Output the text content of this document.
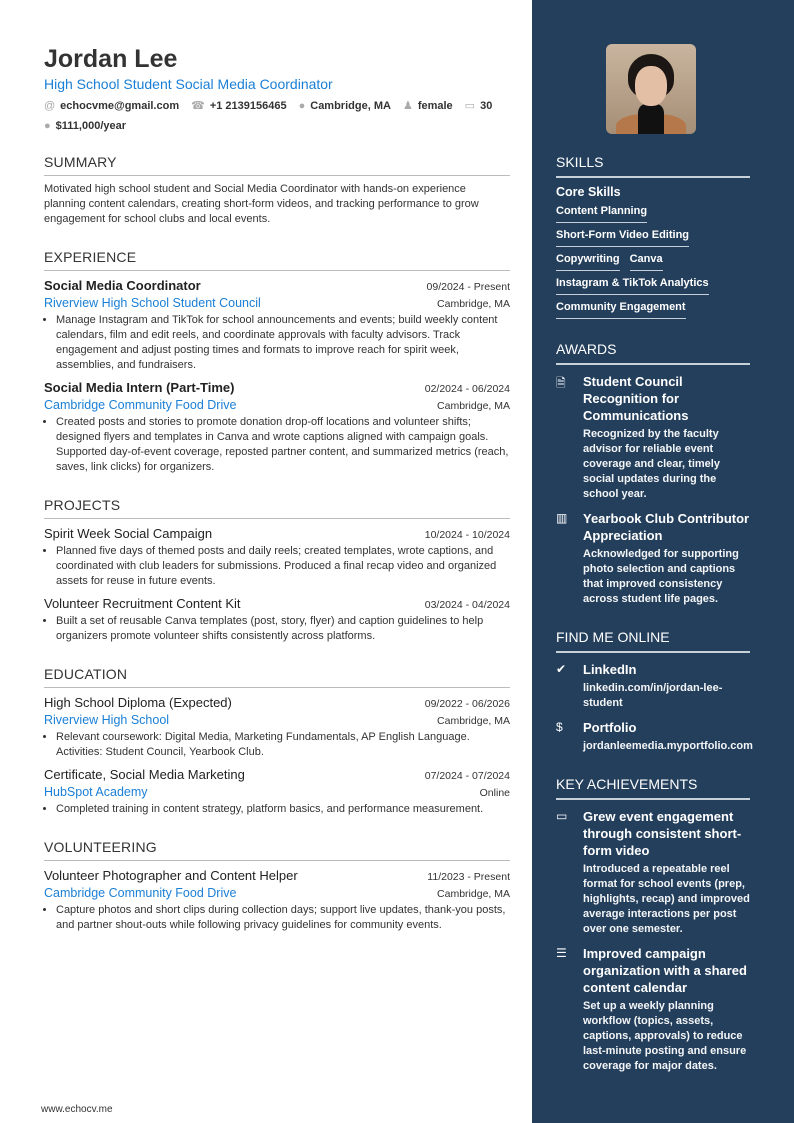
Jordan Lee
High School Student Social Media Coordinator
@ echocvme@gmail.com ☎ +1 2139156465 ● Cambridge, MA ♟ female ▭ 30
● $111,000/year
SUMMARY
Motivated high school student and Social Media Coordinator with hands-on experience planning content calendars, creating short-form videos, and tracking performance to grow engagement for school clubs and local events.
EXPERIENCE
Social Media Coordinator	09/2024 - Present
Riverview High School Student Council	Cambridge, MA
• Manage Instagram and TikTok for school announcements and events; build weekly content calendars, film and edit reels, and coordinate approvals with faculty advisors. Track engagement and adjust posting times and formats to improve reach for spirit week, assemblies, and fundraisers.
Social Media Intern (Part-Time)	02/2024 - 06/2024
Cambridge Community Food Drive	Cambridge, MA
• Created posts and stories to promote donation drop-off locations and volunteer shifts; designed flyers and templates in Canva and wrote captions aligned with campaign goals. Supported day-of-event coverage, reposted partner content, and summarized metrics (reach, saves, link clicks) for organizers.
PROJECTS
Spirit Week Social Campaign	10/2024 - 10/2024
• Planned five days of themed posts and daily reels; created templates, wrote captions, and coordinated with club leaders for submissions. Produced a final recap video and organized assets for reuse in future events.
Volunteer Recruitment Content Kit	03/2024 - 04/2024
• Built a set of reusable Canva templates (post, story, flyer) and caption guidelines to help organizers promote volunteer shifts consistently across platforms.
EDUCATION
High School Diploma (Expected)	09/2022 - 06/2026
Riverview High School	Cambridge, MA
• Relevant coursework: Digital Media, Marketing Fundamentals, AP English Language. Activities: Student Council, Yearbook Club.
Certificate, Social Media Marketing	07/2024 - 07/2024
HubSpot Academy	Online
• Completed training in content strategy, platform basics, and performance measurement.
VOLUNTEERING
Volunteer Photographer and Content Helper	11/2023 - Present
Cambridge Community Food Drive	Cambridge, MA
• Capture photos and short clips during collection days; support live updates, thank-you posts, and partner shout-outs while following privacy guidelines for community events.
www.echocv.me
SKILLS
Core Skills
Content Planning
Short-Form Video Editing
Copywriting Canva
Instagram & TikTok Analytics
Community Engagement
AWARDS
🗎	Student Council Recognition for Communications
Recognized by the faculty advisor for reliable event coverage and clear, timely social updates during the school year.
▥	Yearbook Club Contributor Appreciation
Acknowledged for supporting photo selection and captions that improved consistency across student life pages.
FIND ME ONLINE
✔	LinkedIn
linkedin.com/in/jordan-lee-student
$	Portfolio
jordanleemedia.myportfolio.com
KEY ACHIEVEMENTS
▭	Grew event engagement through consistent short-form video
Introduced a repeatable reel format for school events (prep, highlights, recap) and improved average interactions per post over one semester.
☰	Improved campaign organization with a shared content calendar
Set up a weekly planning workflow (topics, assets, captions, approvals) to reduce last-minute posting and ensure coverage for major dates.
